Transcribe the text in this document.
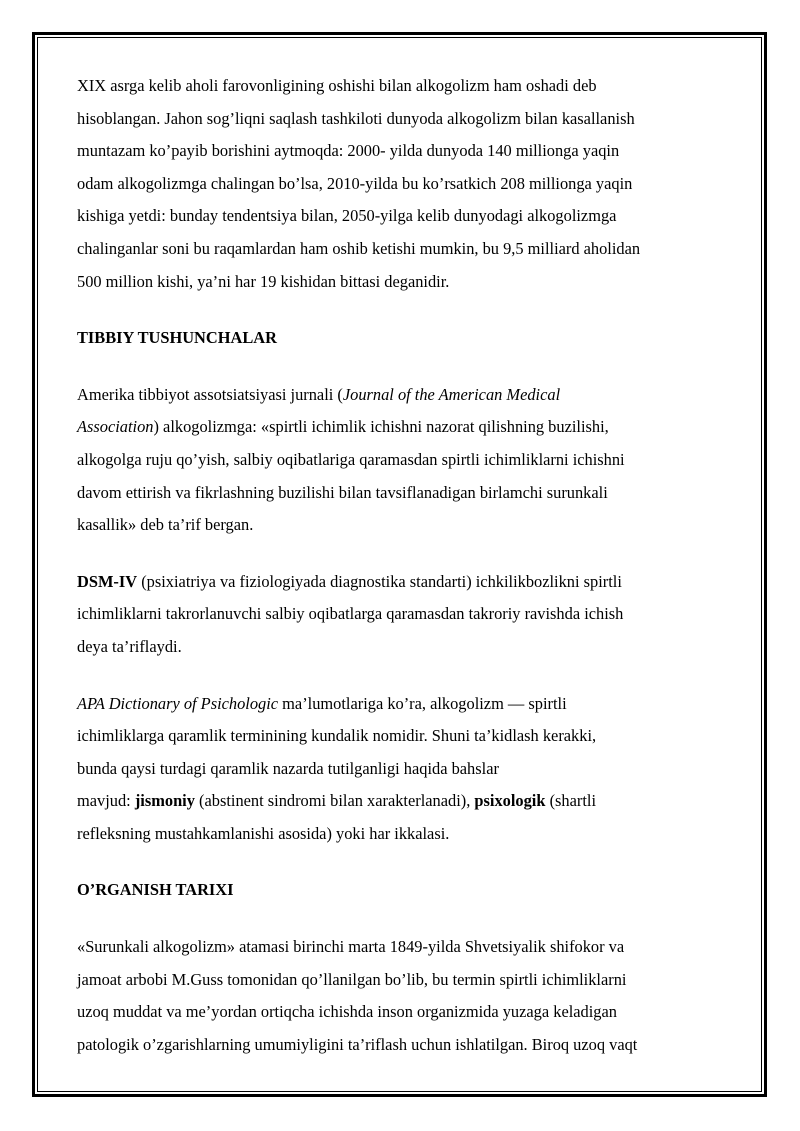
XIX asrga kelib aholi farovonligining oshishi bilan alkogolizm ham oshadi deb

hisoblangan. Jahon sog’liqni saqlash tashkiloti dunyoda alkogolizm bilan kasallanish

muntazam ko’payib borishini aytmoqda: 2000- yilda dunyoda 140 millionga yaqin

odam alkogolizmga chalingan bo’lsa, 2010-yilda bu ko’rsatkich 208 millionga yaqin

kishiga yetdi: bunday tendentsiya bilan, 2050-yilga kelib dunyodagi alkogolizmga

chalinganlar soni bu raqamlardan ham oshib ketishi mumkin, bu 9,5 milliard aholidan

500 million kishi, ya’ni har 19 kishidan bittasi deganidir.

TIBBIY TUSHUNCHALAR

Amerika tibbiyot assotsiatsiyasi jurnali (Journal of the American Medical

Association) alkogolizmga: «spirtli ichimlik ichishni nazorat qilishning buzilishi,

alkogolga ruju qo’yish, salbiy oqibatlariga qaramasdan spirtli ichimliklarni ichishni

davom ettirish va fikrlashning buzilishi bilan tavsiflanadigan birlamchi surunkali

kasallik» deb ta’rif bergan.

DSM-IV (psixiatriya va fiziologiyada diagnostika standarti) ichkilikbozlikni spirtli

ichimliklarni takrorlanuvchi salbiy oqibatlarga qaramasdan takroriy ravishda ichish

deya ta’riflaydi.

APA Dictionary of Psichologic ma’lumotlariga ko’ra, alkogolizm — spirtli

ichimliklarga qaramlik terminining kundalik nomidir. Shuni ta’kidlash kerakki,

bunda qaysi turdagi qaramlik nazarda tutilganligi haqida bahslar

mavjud: jismoniy (abstinent sindromi bilan xarakterlanadi), psixologik (shartli

refleksning mustahkamlanishi asosida) yoki har ikkalasi.

O’RGANISH TARIXI

«Surunkali alkogolizm» atamasi birinchi marta 1849-yilda Shvetsiyalik shifokor va

jamoat arbobi M.Guss tomonidan qo’llanilgan bo’lib, bu termin spirtli ichimliklarni

uzoq muddat va me’yordan ortiqcha ichishda inson organizmida yuzaga keladigan

patologik o’zgarishlarning umumiyligini ta’riflash uchun ishlatilgan. Biroq uzoq vaqt
